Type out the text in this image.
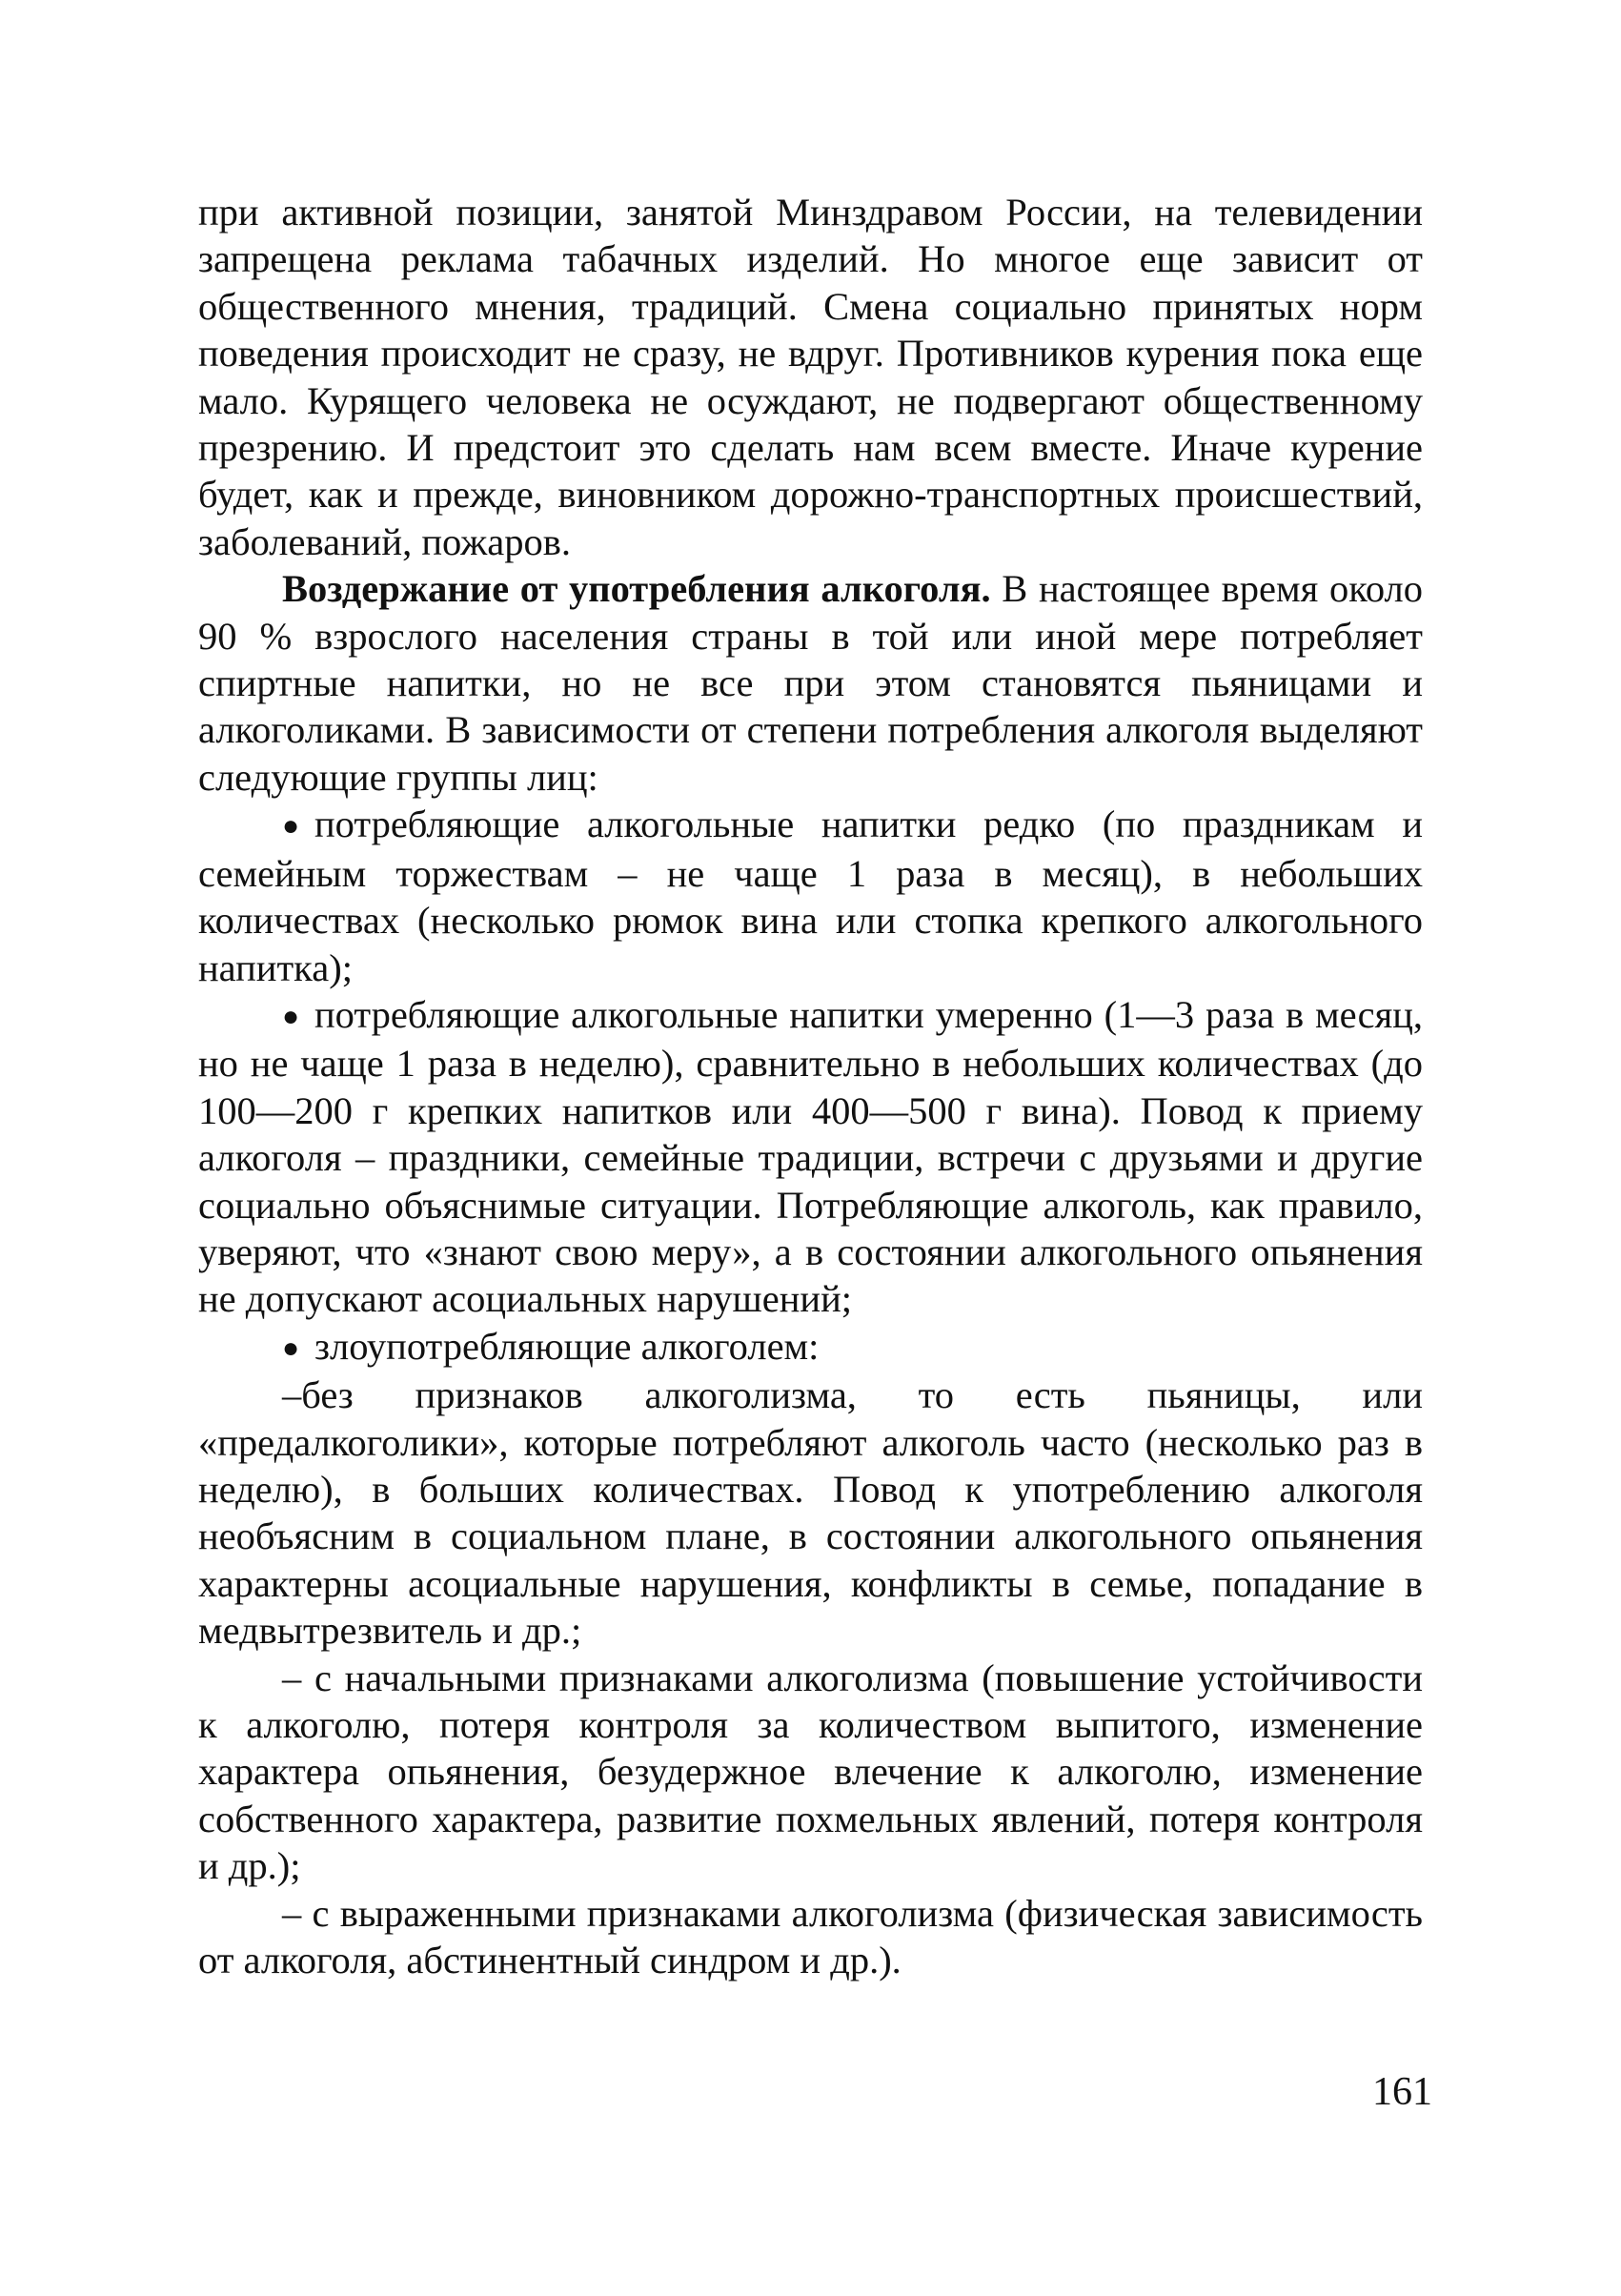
при активной позиции, занятой Минздравом России, на телевидении запрещена реклама табачных изделий. Но многое еще зависит от общественного мнения, традиций. Смена социально принятых норм поведения происходит не сразу, не вдруг. Противников курения пока еще мало. Курящего человека не осуждают, не подвергают общественному презрению. И предстоит это сделать нам всем вместе. Иначе курение будет, как и прежде, виновником дорожно-транспортных происшествий, заболеваний, пожаров.

Воздержание от употребления алкоголя. В настоящее время около 90 % взрослого населения страны в той или иной мере потребляет спиртные напитки, но не все при этом становятся пьяницами и алкоголиками. В зависимости от степени потребления алкоголя выделяют следующие группы лиц:

● потребляющие алкогольные напитки редко (по праздникам и семейным торжествам – не чаще 1 раза в месяц), в небольших количествах (несколько рюмок вина или стопка крепкого алкогольного напитка);

● потребляющие алкогольные напитки умеренно (1—3 раза в месяц, но не чаще 1 раза в неделю), сравнительно в небольших количествах (до 100—200 г крепких напитков или 400—500 г вина). Повод к приему алкоголя – праздники, семейные традиции, встречи с друзьями и другие социально объяснимые ситуации. Потребляющие алкоголь, как правило, уверяют, что «знают свою меру», а в состоянии алкогольного опьянения не допускают асоциальных нарушений;

● злоупотребляющие алкоголем:

–без признаков алкоголизма, то есть пьяницы, или «предалкоголики», которые потребляют алкоголь часто (несколько раз в неделю), в больших количествах. Повод к употреблению алкоголя необъясним в социальном плане, в состоянии алкогольного опьянения характерны асоциальные нарушения, конфликты в семье, попадание в медвытрезвитель и др.;

– с начальными признаками алкоголизма (повышение устойчивости к алкоголю, потеря контроля за количеством выпитого, изменение характера опьянения, безудержное влечение к алкоголю, изменение собственного характера, развитие похмельных явлений, потеря контроля и др.);

– с выраженными признаками алкоголизма (физическая зависимость от алкоголя, абстинентный синдром и др.).

161
